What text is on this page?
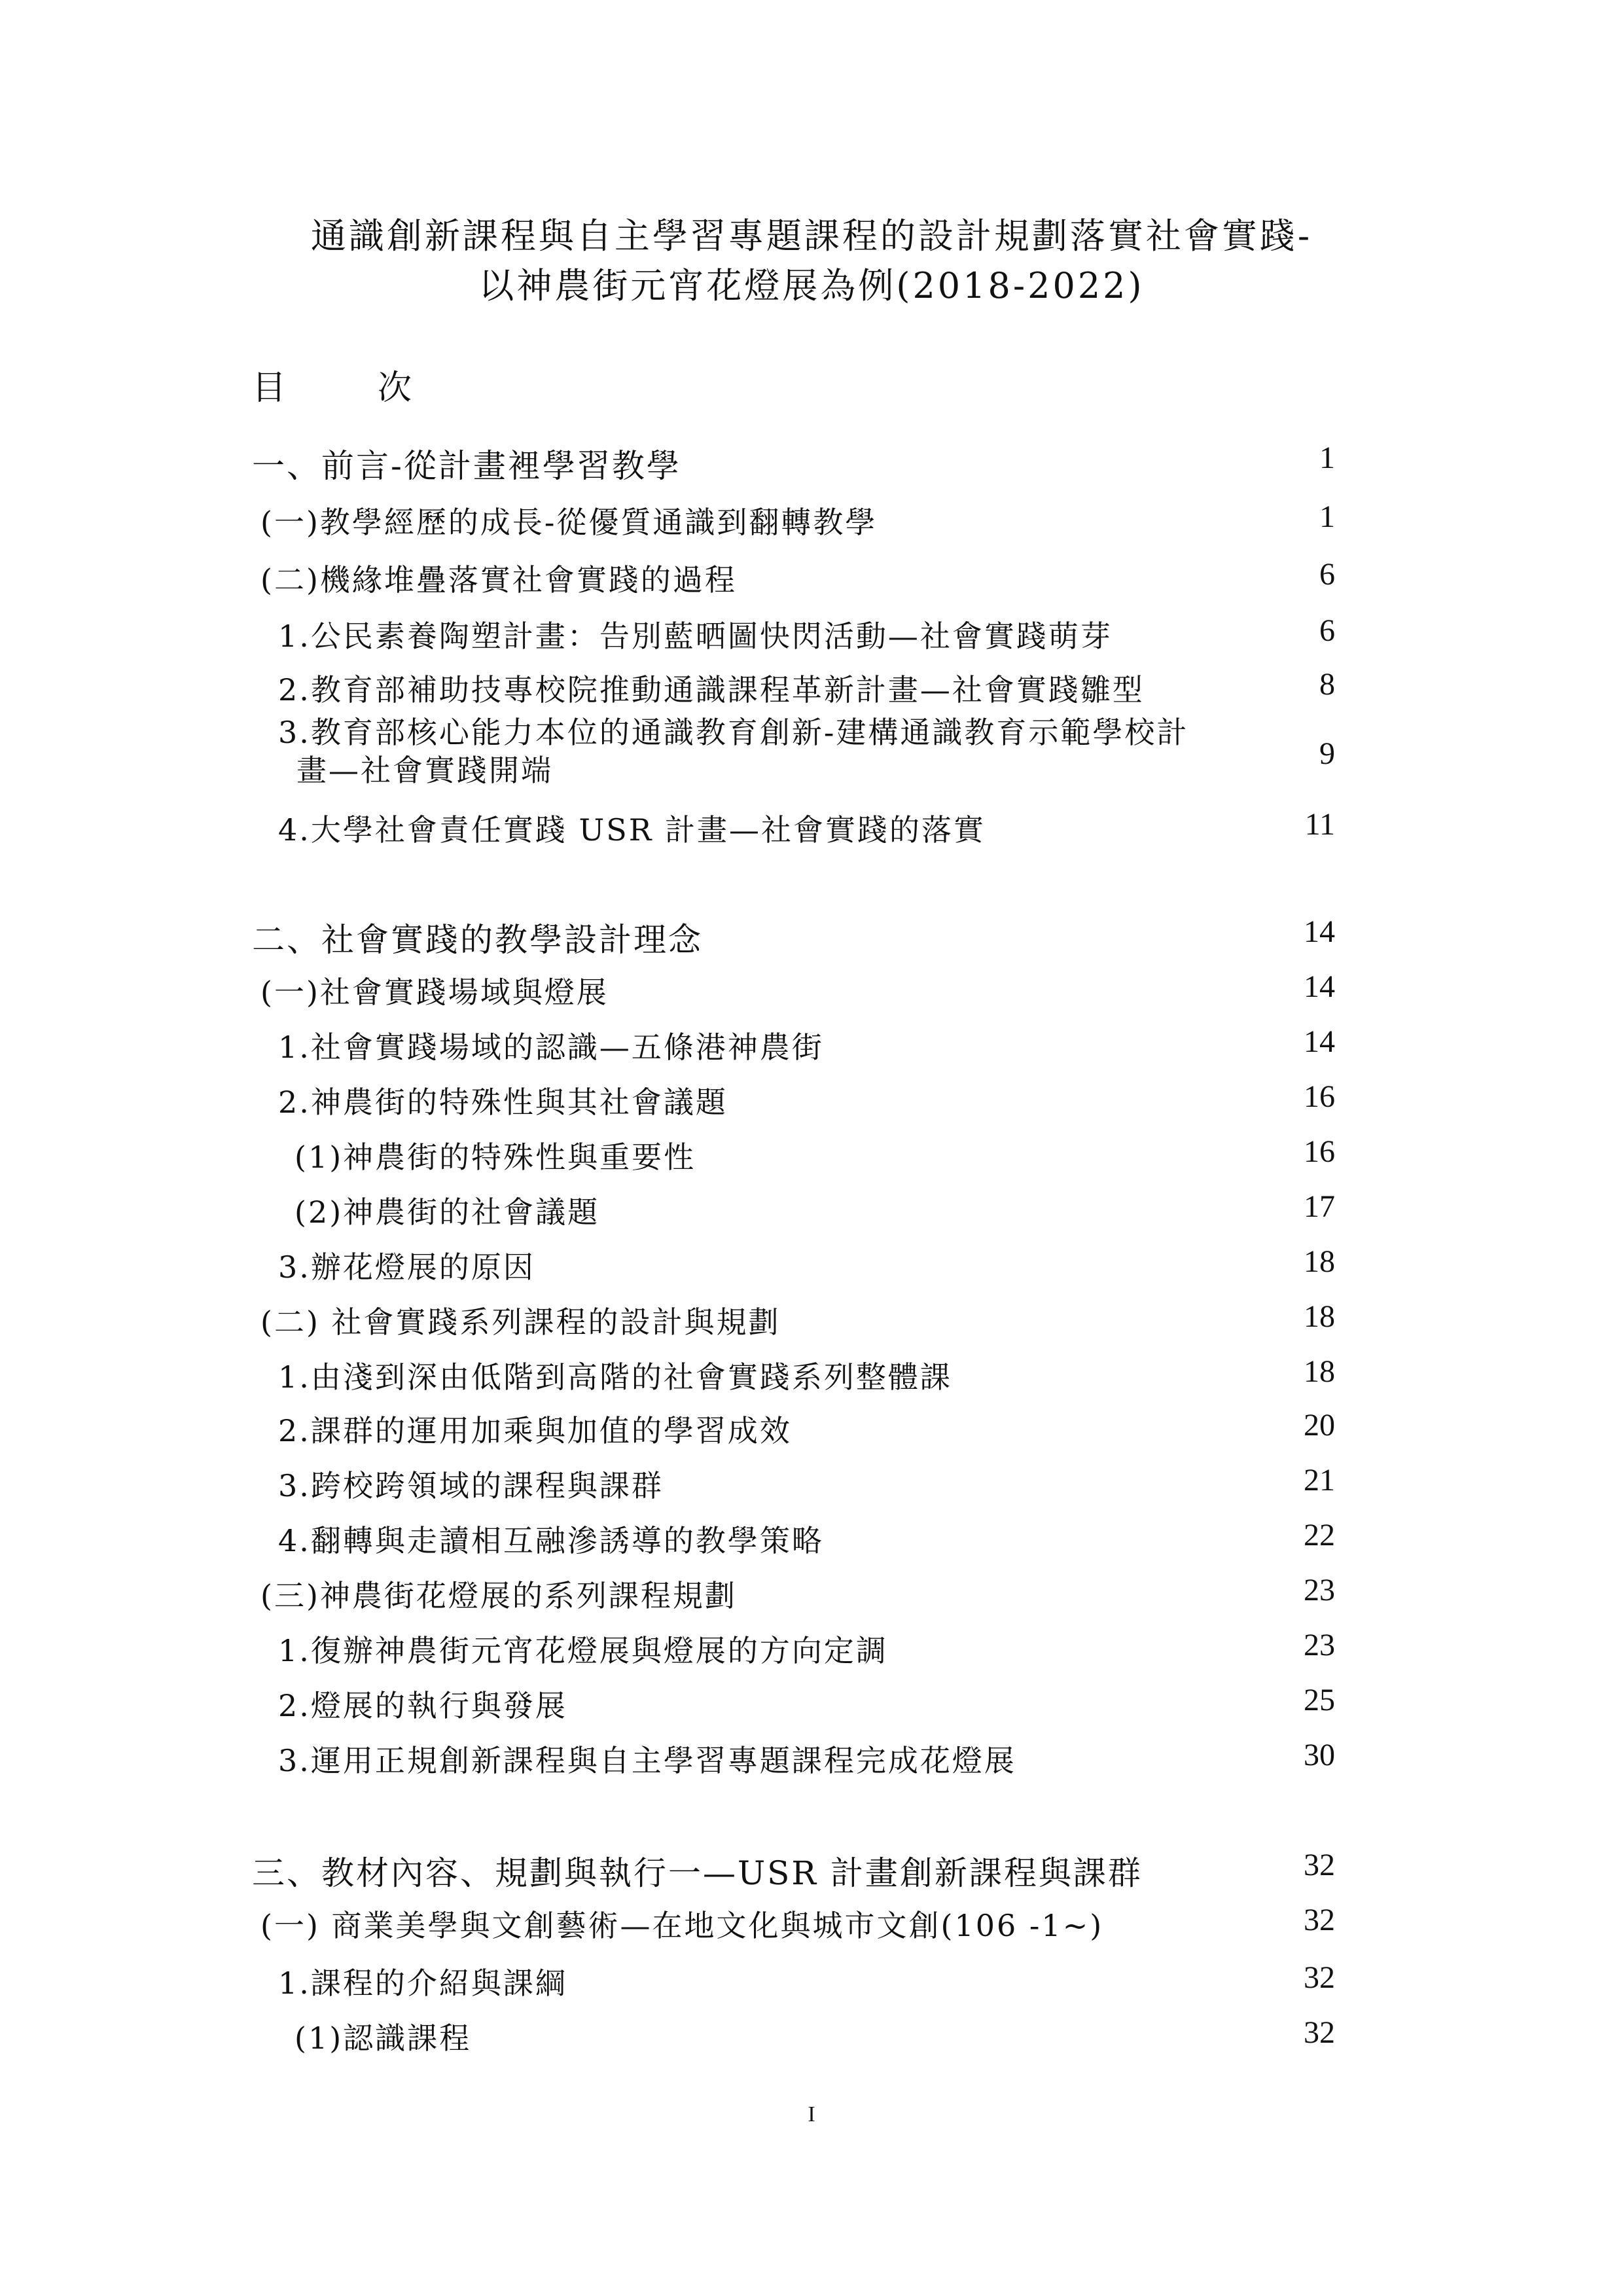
通識創新課程與自主學習專題課程的設計規劃落實社會實踐-
以神農街元宵花燈展為例(2018-2022)
目	次
一、前言-從計畫裡學習教學	1
(一)教學經歷的成長-從優質通識到翻轉教學	1
(二)機緣堆疊落實社會實踐的過程	6
1.公民素養陶塑計畫：告別藍晒圖快閃活動—社會實踐萌芽	6
2.教育部補助技專校院推動通識課程革新計畫—社會實踐雛型	8
3.教育部核心能力本位的通識教育創新-建構通識教育示範學校計
畫—社會實踐開端	9
4.大學社會責任實踐 USR 計畫—社會實踐的落實	11
二、社會實踐的教學設計理念	14
(一)社會實踐場域與燈展	14
1.社會實踐場域的認識—五條港神農街	14
2.神農街的特殊性與其社會議題	16
(1)神農街的特殊性與重要性	16
(2)神農街的社會議題	17
3.辦花燈展的原因	18
(二) 社會實踐系列課程的設計與規劃	18
1.由淺到深由低階到高階的社會實踐系列整體課	18
2.課群的運用加乘與加值的學習成效	20
3.跨校跨領域的課程與課群	21
4.翻轉與走讀相互融滲誘導的教學策略	22
(三)神農街花燈展的系列課程規劃	23
1.復辦神農街元宵花燈展與燈展的方向定調	23
2.燈展的執行與發展	25
3.運用正規創新課程與自主學習專題課程完成花燈展	30
三、教材內容、規劃與執行一—USR 計畫創新課程與課群	32
(一) 商業美學與文創藝術—在地文化與城市文創(106 -1~)	32
1.課程的介紹與課綱	32
(1)認識課程	32
I
